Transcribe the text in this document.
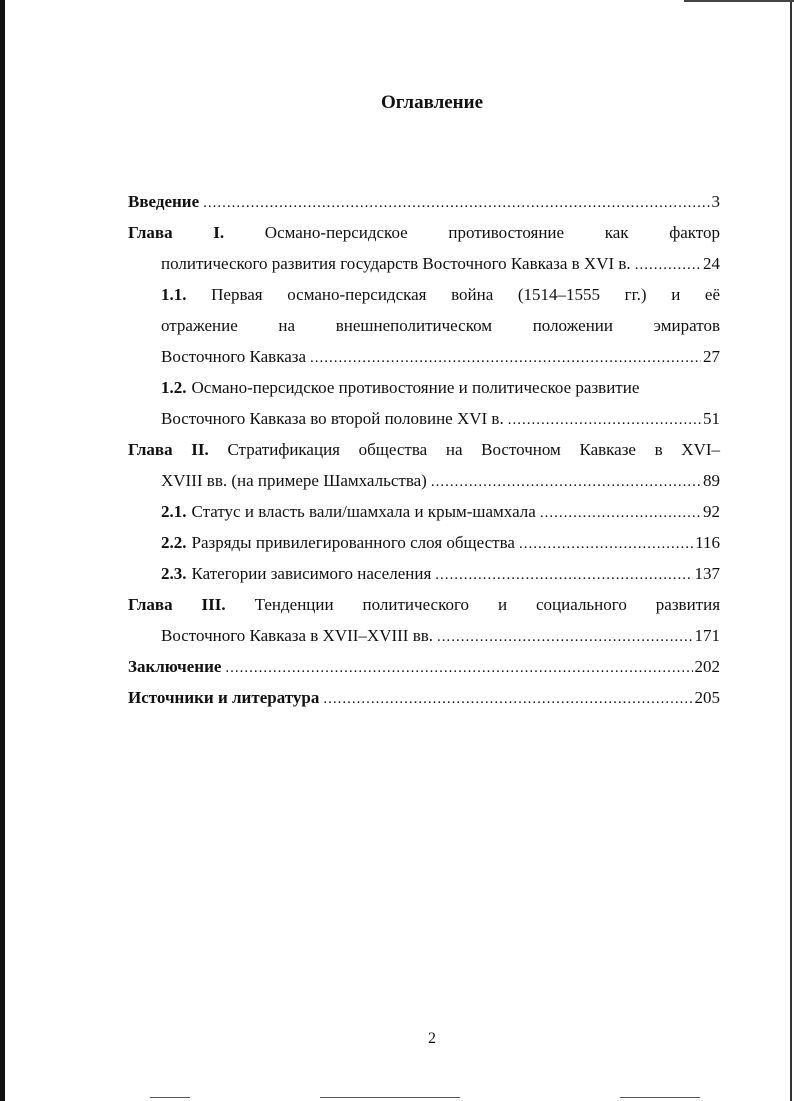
Оглавление
Введение .....	3
Глава I. Османо-персидское противостояние как фактор
политического развития государств Восточного Кавказа в XVI в. .....	24
1.1. Первая османо-персидская война (1514–1555 гг.) и её
отражение на внешнеполитическом положении эмиратов
Восточного Кавказа .....	27
1.2. Османо-персидское противостояние и политическое развитие
Восточного Кавказа во второй половине XVI в. .....	51
Глава II. Стратификация общества на Восточном Кавказе в XVI–
XVIII вв. (на примере Шамхальства) .....	89
2.1. Статус и власть вали/шамхала и крым-шамхала .....	92
2.2. Разряды привилегированного слоя общества .....	116
2.3. Категории зависимого населения .....	137
Глава III. Тенденции политического и социального развития
Восточного Кавказа в XVII–XVIII вв. .....	171
Заключение .....	202
Источники и литература .....	205
2
